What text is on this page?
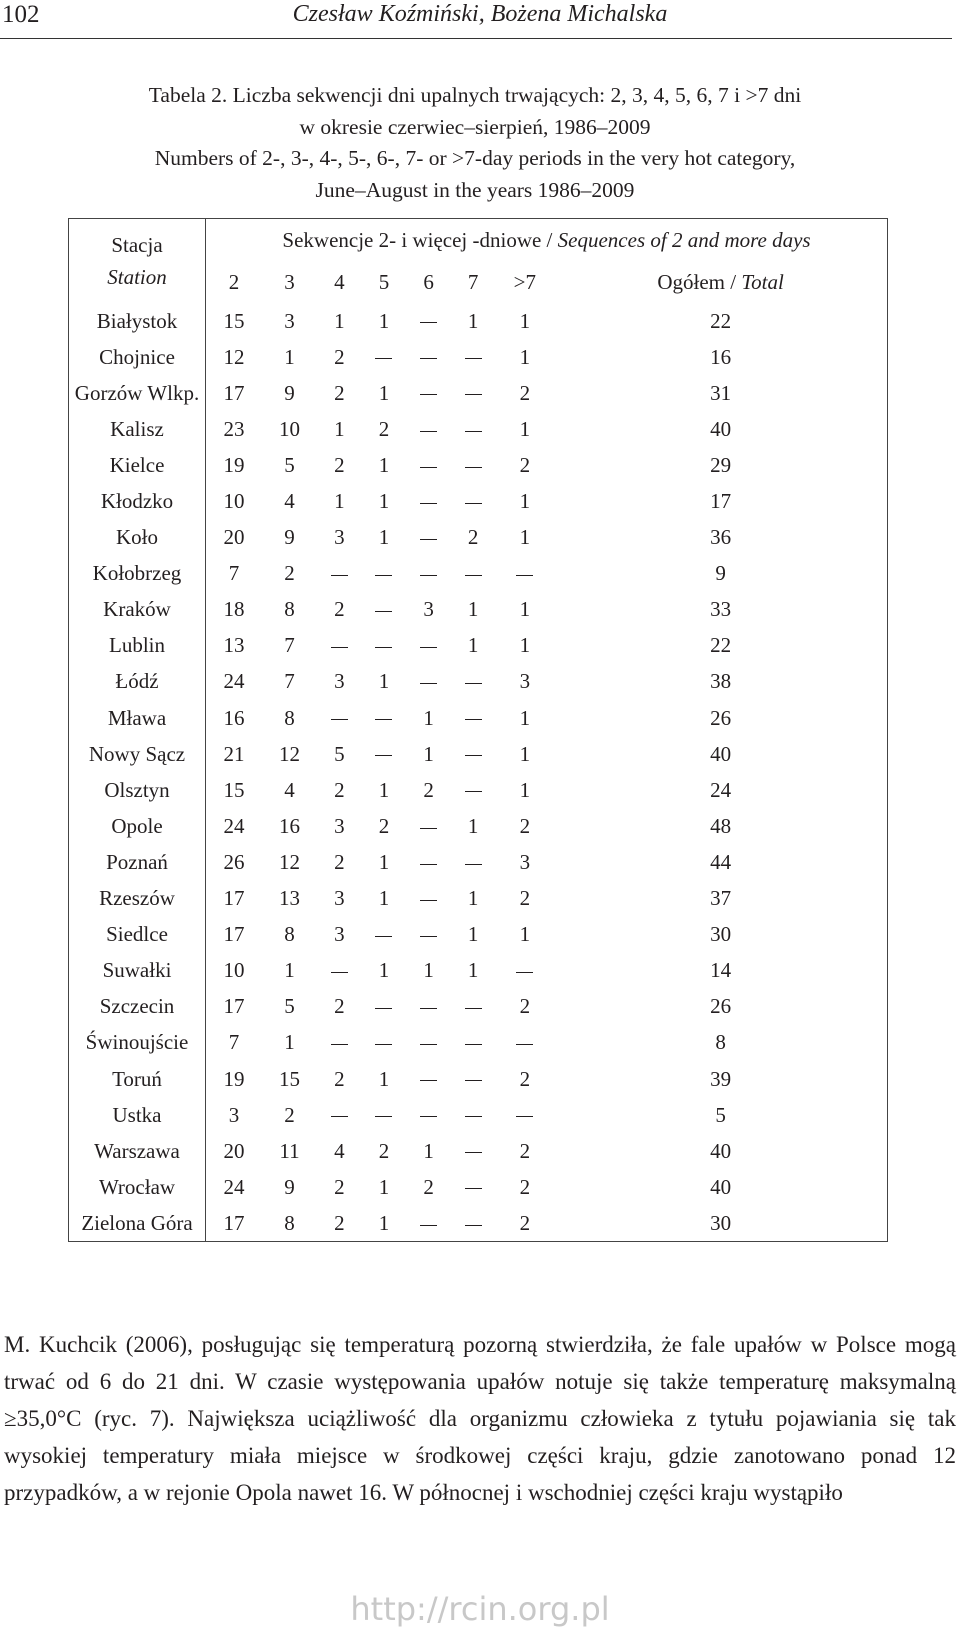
102	Czesław Koźmiński, Bożena Michalska
Tabela 2. Liczba sekwencji dni upalnych trwających: 2, 3, 4, 5, 6, 7 i >7 dni
w okresie czerwiec–sierpień, 1986–2009
Numbers of 2-, 3-, 4-, 5-, 6-, 7- or >7-day periods in the very hot category,
June–August in the years 1986–2009
Stacja
Station	Sekwencje 2- i więcej -dniowe / Sequences of 2 and more days							
	2	3	4	5	6	7	>7	Ogółem / Total
Białystok	15	3	1	1		1	1	22
Chojnice	12	1	2				1	16
Gorzów Wlkp.	17	9	2	1			2	31
Kalisz	23	10	1	2			1	40
Kielce	19	5	2	1			2	29
Kłodzko	10	4	1	1			1	17
Koło	20	9	3	1		2	1	36
Kołobrzeg	7	2						9
Kraków	18	8	2		3	1	1	33
Lublin	13	7				1	1	22
Łódź	24	7	3	1			3	38
Mława	16	8			1		1	26
Nowy Sącz	21	12	5		1		1	40
Olsztyn	15	4	2	1	2		1	24
Opole	24	16	3	2		1	2	48
Poznań	26	12	2	1			3	44
Rzeszów	17	13	3	1		1	2	37
Siedlce	17	8	3			1	1	30
Suwałki	10	1		1	1	1		14
Szczecin	17	5	2				2	26
Świnoujście	7	1						8
Toruń	19	15	2	1			2	39
Ustka	3	2						5
Warszawa	20	11	4	2	1		2	40
Wrocław	24	9	2	1	2		2	40
Zielona Góra	17	8	2	1			2	30
M. Kuchcik (2006), posługując się temperaturą pozorną stwierdziła, że fale upałów w Polsce mogą trwać od 6 do 21 dni. W czasie występowania upałów notuje się także temperaturę maksymalną ≥35,0°C (ryc. 7). Największa uciążliwość dla organizmu człowieka z tytułu pojawiania się tak wysokiej temperatury miała miejsce w środkowej części kraju, gdzie zanotowano ponad 12 przypadków, a w rejonie Opola nawet 16. W północnej i wschodniej części kraju wystąpiło
http://rcin.org.pl
